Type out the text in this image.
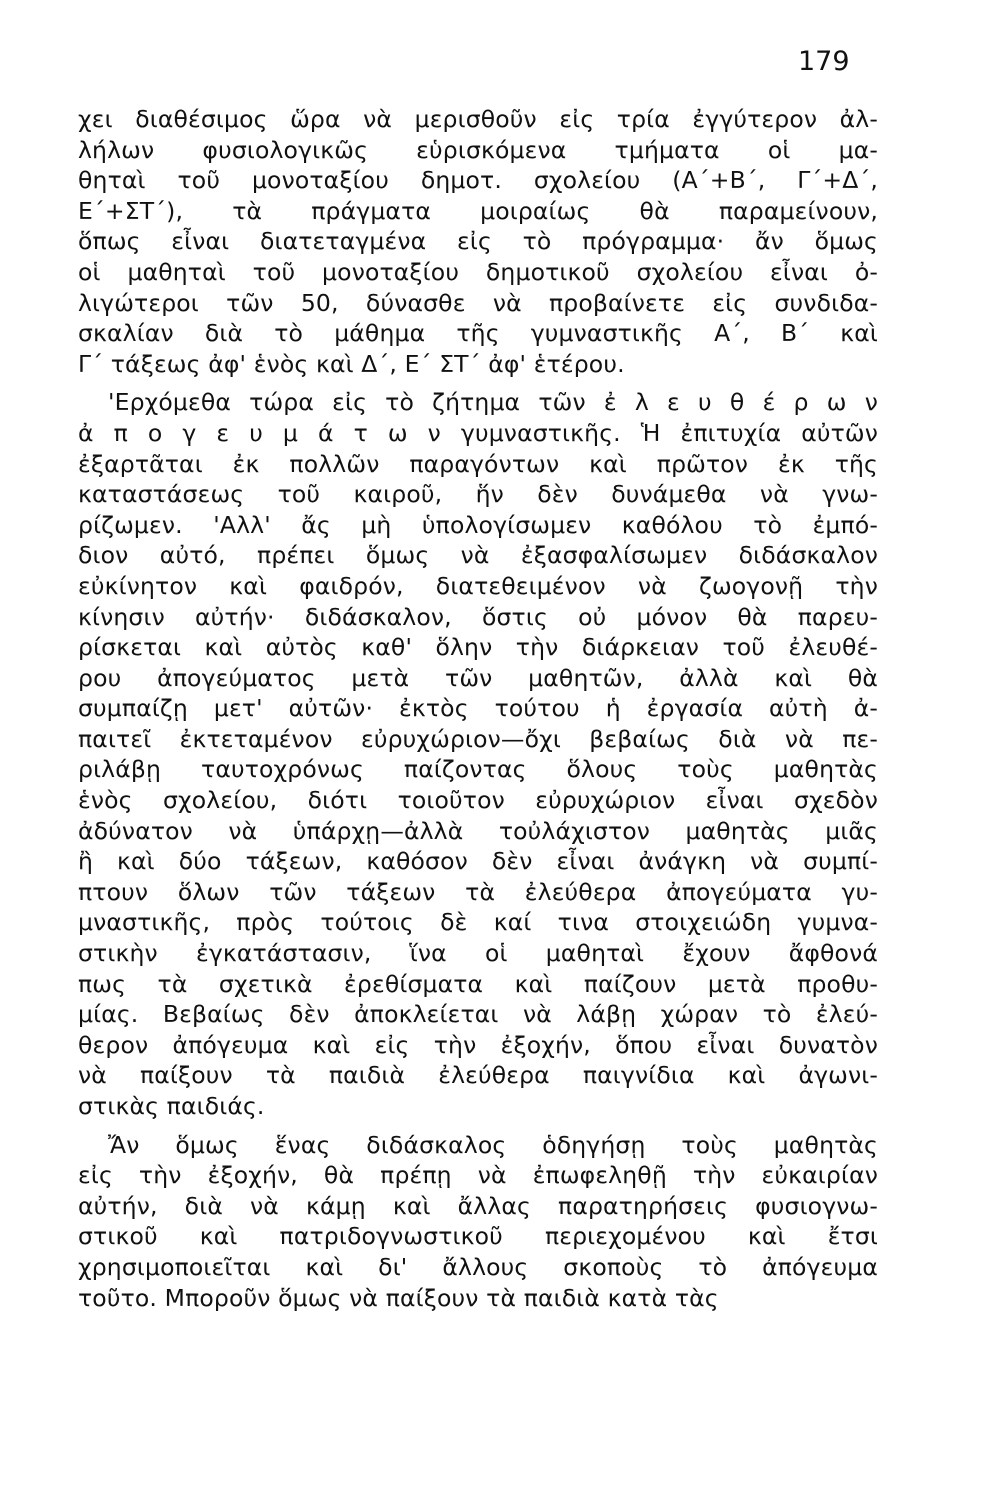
179
χει διαθέσιμος ὥρα νὰ μερισθοῦν εἰς τρία ἐγγύτερον ἀλ-
λήλων φυσιολογικῶς εὑρισκόμενα τμήματα οἱ μα-
θηταὶ τοῦ μονοταξίου δημοτ. σχολείου (Α΄+Β΄, Γ΄+Δ΄,
Ε΄+ΣΤ΄), τὰ πράγματα μοιραίως θὰ παραμείνουν,
ὅπως εἶναι διατεταγμένα εἰς τὸ πρόγραμμα· ἄν ὅμως
οἱ μαθηταὶ τοῦ μονοταξίου δημοτικοῦ σχολείου εἶναι ὀ-
λιγώτεροι τῶν 50, δύνασθε νὰ προβαίνετε εἰς συνδιδα-
σκαλίαν διὰ τὸ μάθημα τῆς γυμναστικῆς Α΄, Β΄ καὶ
Γ΄ τάξεως ἀφ' ἑνὸς καὶ Δ΄, Ε΄ ΣΤ΄ ἀφ' ἑτέρου.
'Ερχόμεθα τώρα εἰς τὸ ζήτημα τῶν ἐ λ ε υ θ έ ρ ω ν
ἀ π ο γ ε υ μ ά τ ω ν γυμναστικῆς. Ἡ ἐπιτυχία αὐτῶν
ἐξαρτᾶται ἐκ πολλῶν παραγόντων καὶ πρῶτον ἐκ τῆς
καταστάσεως τοῦ καιροῦ, ἥν δὲν δυνάμεθα νὰ γνω-
ρίζωμεν. 'Αλλ' ἄς μὴ ὑπολογίσωμεν καθόλου τὸ ἐμπό-
διον αὐτό, πρέπει ὅμως νὰ ἐξασφαλίσωμεν διδάσκαλον
εὐκίνητον καὶ φαιδρόν, διατεθειμένον νὰ ζωογονῇ τὴν
κίνησιν αὐτήν· διδάσκαλον, ὅστις οὐ μόνον θὰ παρευ-
ρίσκεται καὶ αὐτὸς καθ' ὅλην τὴν διάρκειαν τοῦ ἐλευθέ-
ρου ἀπογεύματος μετὰ τῶν μαθητῶν, ἀλλὰ καὶ θὰ
συμπαίζῃ μετ' αὐτῶν· ἐκτὸς τούτου ἡ ἐργασία αὐτὴ ἀ-
παιτεῖ ἐκτεταμένον εὐρυχώριον—ὄχι βεβαίως διὰ νὰ πε-
ριλάβῃ ταυτοχρόνως παίζοντας ὅλους τοὺς μαθητὰς
ἑνὸς σχολείου, διότι τοιοῦτον εὐρυχώριον εἶναι σχεδὸν
ἀδύνατον νὰ ὑπάρχῃ—ἀλλὰ τοὐλάχιστον μαθητὰς μιᾶς
ἢ καὶ δύο τάξεων, καθόσον δὲν εἶναι ἀνάγκη νὰ συμπί-
πτουν ὅλων τῶν τάξεων τὰ ἐλεύθερα ἀπογεύματα γυ-
μναστικῆς, πρὸς τούτοις δὲ καί τινα στοιχειώδη γυμνα-
στικὴν ἐγκατάστασιν, ἵνα οἱ μαθηταὶ ἔχουν ἄφθονά
πως τὰ σχετικὰ ἐρεθίσματα καὶ παίζουν μετὰ προθυ-
μίας. Βεβαίως δὲν ἀποκλείεται νὰ λάβῃ χώραν τὸ ἐλεύ-
θερον ἀπόγευμα καὶ εἰς τὴν ἐξοχήν, ὅπου εἶναι δυνατὸν
νὰ παίξουν τὰ παιδιὰ ἐλεύθερα παιγνίδια καὶ ἀγωνι-
στικὰς παιδιάς.
Ἄν ὅμως ἕνας διδάσκαλος ὁδηγήσῃ τοὺς μαθητὰς
εἰς τὴν ἐξοχήν, θὰ πρέπῃ νὰ ἐπωφεληθῇ τὴν εὐκαιρίαν
αὐτήν, διὰ νὰ κάμῃ καὶ ἄλλας παρατηρήσεις φυσιογνω-
στικοῦ καὶ πατριδογνωστικοῦ περιεχομένου καὶ ἔτσι
χρησιμοποιεῖται καὶ δι' ἄλλους σκοποὺς τὸ ἀπόγευμα
τοῦτο. Μποροῦν ὅμως νὰ παίξουν τὰ παιδιὰ κατὰ τὰς
